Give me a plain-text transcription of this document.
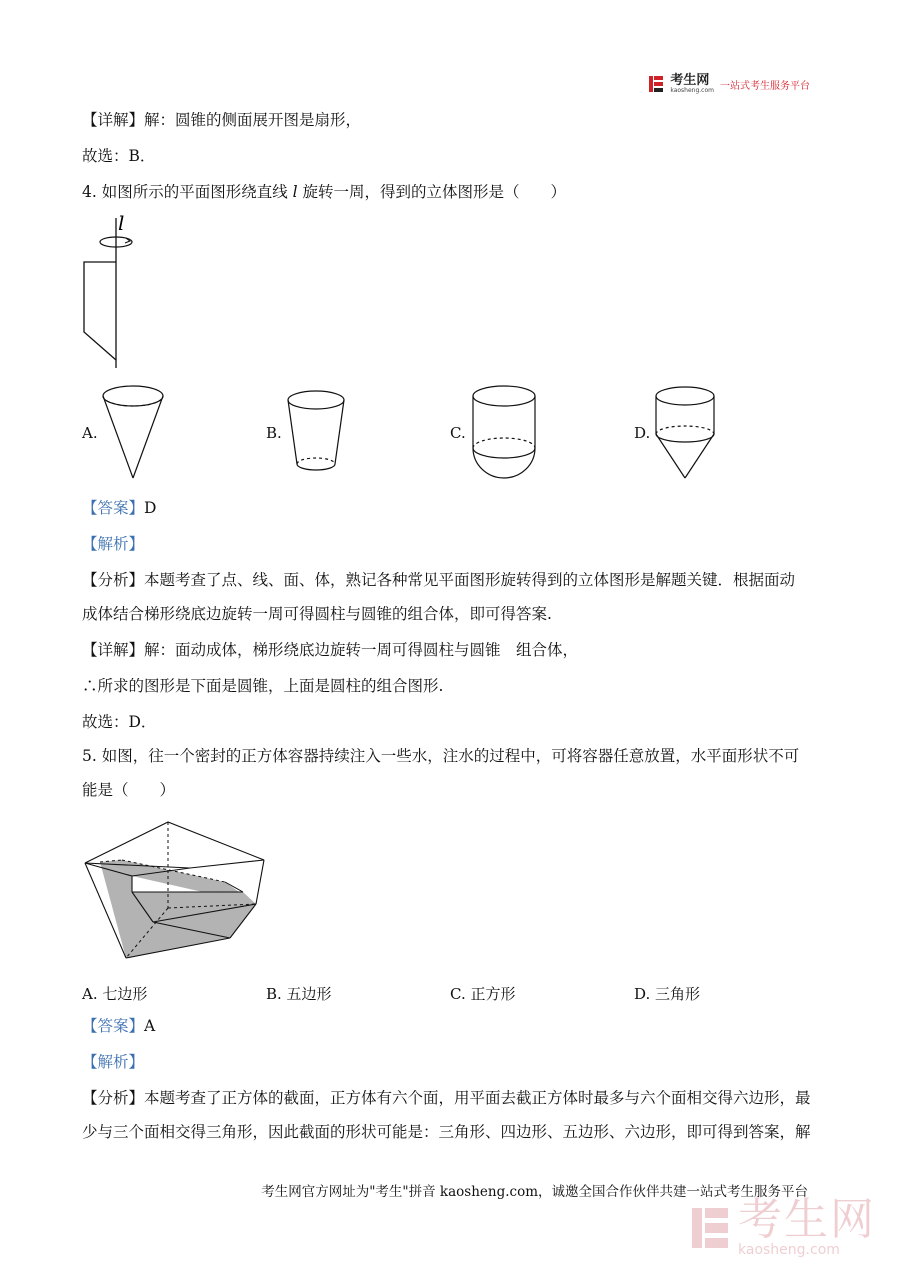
考生网
kaosheng.com 一站式考生服务平台
【详解】解：圆锥的侧面展开图是扇形，
故选：B．
4. 如图所示的平面图形绕直线 l 旋转一周，得到的立体图形是（　　）
l
A.	B.	C.	D.
【答案】D
【解析】
【分析】本题考查了点、线、面、体，熟记各种常见平面图形旋转得到的立体图形是解题关键．根据面动
成体结合梯形绕底边旋转一周可得圆柱与圆锥的组合体，即可得答案.
【详解】解：面动成体，梯形绕底边旋转一周可得圆柱与圆锥　组合体，
∴所求的图形是下面是圆锥，上面是圆柱的组合图形.
故选：D．
5. 如图，往一个密封的正方体容器持续注入一些水，注水的过程中，可将容器任意放置，水平面形状不可
能是（　　）
A. 七边形	B. 五边形	C. 正方形	D. 三角形
【答案】A
【解析】
【分析】本题考查了正方体的截面，正方体有六个面，用平面去截正方体时最多与六个面相交得六边形，最
少与三个面相交得三角形，因此截面的形状可能是：三角形、四边形、五边形、六边形，即可得到答案，解
考生网官方网址为"考生"拼音 kaosheng.com，诚邀全国合作伙伴共建一站式考生服务平台
考生网
kaosheng.com
